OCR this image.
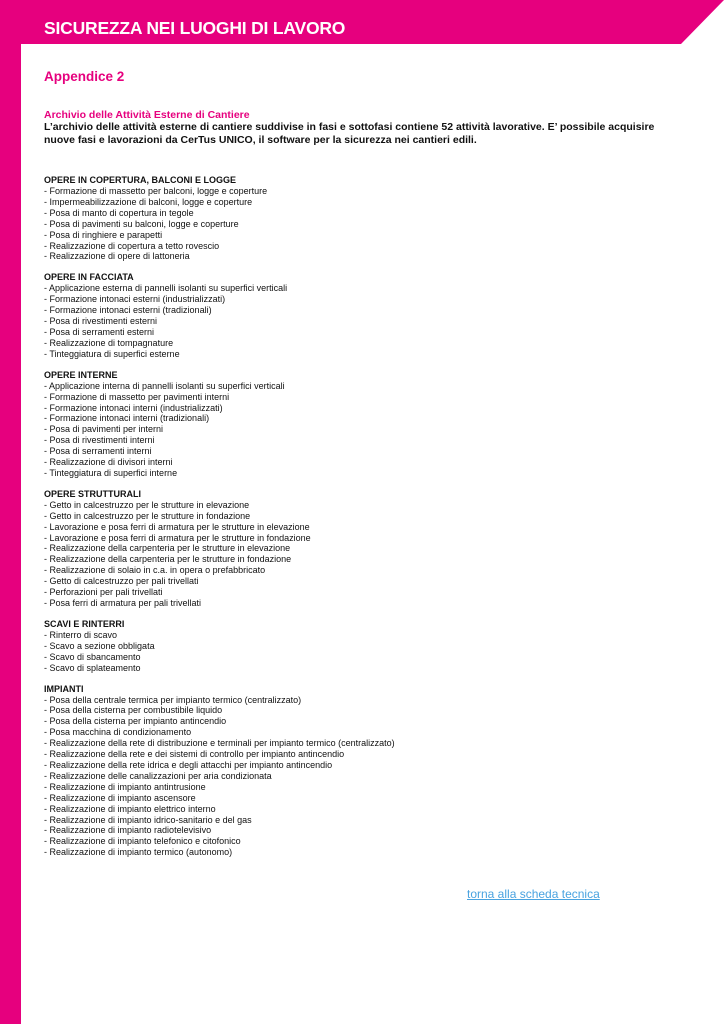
SICUREZZA NEI LUOGHI DI LAVORO
Appendice 2
Archivio delle Attività Esterne di Cantiere
L’archivio delle attività esterne di cantiere suddivise in fasi e sottofasi contiene 52 attività lavorative. E’ possibile acquisire nuove fasi e lavorazioni da CerTus UNICO, il software per la sicurezza nei cantieri edili.
OPERE IN COPERTURA, BALCONI E LOGGE
- Formazione di massetto per balconi, logge e coperture
- Impermeabilizzazione di balconi, logge e coperture
- Posa di manto di copertura in tegole
- Posa di pavimenti su balconi, logge e coperture
- Posa di ringhiere e parapetti
- Realizzazione di copertura a tetto rovescio
- Realizzazione di opere di lattoneria
OPERE IN FACCIATA
- Applicazione esterna di pannelli isolanti su superfici verticali
- Formazione intonaci esterni (industrializzati)
- Formazione intonaci esterni (tradizionali)
- Posa di rivestimenti esterni
- Posa di serramenti esterni
- Realizzazione di tompagnature
- Tinteggiatura di superfici esterne
OPERE INTERNE
- Applicazione interna di pannelli isolanti su superfici verticali
- Formazione di massetto per pavimenti interni
- Formazione intonaci interni (industrializzati)
- Formazione intonaci interni (tradizionali)
- Posa di pavimenti per interni
- Posa di rivestimenti interni
- Posa di serramenti interni
- Realizzazione di divisori interni
- Tinteggiatura di superfici interne
OPERE STRUTTURALI
- Getto in calcestruzzo per le strutture in elevazione
- Getto in calcestruzzo per le strutture in fondazione
- Lavorazione e posa ferri di armatura per le strutture in elevazione
- Lavorazione e posa ferri di armatura per le strutture in fondazione
- Realizzazione della carpenteria per le strutture in elevazione
- Realizzazione della carpenteria per le strutture in fondazione
- Realizzazione di solaio in c.a. in opera o prefabbricato
- Getto di calcestruzzo per pali trivellati
- Perforazioni per pali trivellati
- Posa ferri di armatura per pali trivellati
SCAVI E RINTERRI
- Rinterro di scavo
- Scavo a sezione obbligata
- Scavo di sbancamento
- Scavo di splateamento
IMPIANTI
- Posa della centrale termica per impianto termico (centralizzato)
- Posa della cisterna per combustibile liquido
- Posa della cisterna per impianto antincendio
- Posa macchina di condizionamento
- Realizzazione della rete di distribuzione e terminali per impianto termico (centralizzato)
- Realizzazione della rete e dei sistemi di controllo per impianto antincendio
- Realizzazione della rete idrica e degli attacchi per impianto antincendio
- Realizzazione delle canalizzazioni per aria condizionata
- Realizzazione di impianto antintrusione
- Realizzazione di impianto ascensore
- Realizzazione di impianto elettrico interno
- Realizzazione di impianto idrico-sanitario e del gas
- Realizzazione di impianto radiotelevisivo
- Realizzazione di impianto telefonico e citofonico
- Realizzazione di impianto termico (autonomo)
torna alla scheda tecnica
